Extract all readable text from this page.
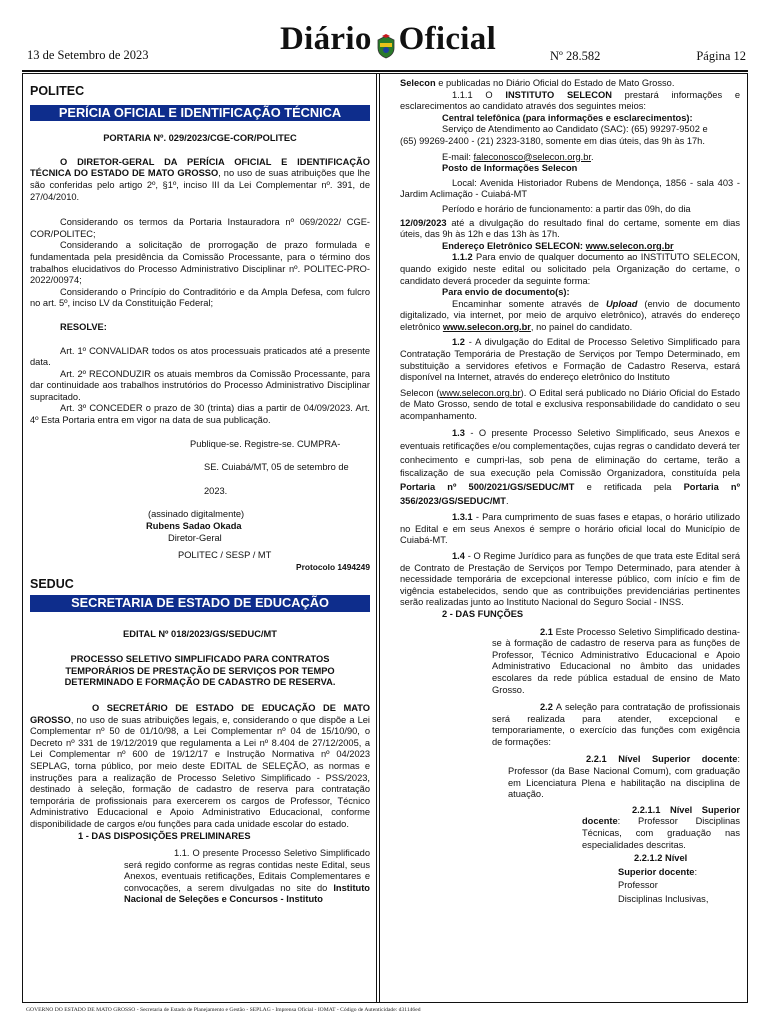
13 de Setembro de 2023	Diário Oficial	Nº 28.582	Página 12
POLITEC
PERÍCIA OFICIAL E IDENTIFICAÇÃO TÉCNICA
PORTARIA Nº. 029/2023/CGE-COR/POLITEC
O DIRETOR-GERAL DA PERÍCIA OFICIAL E IDENTIFICAÇÃO TÉCNICA DO ESTADO DE MATO GROSSO, no uso de suas atribuições que lhe são conferidas pelo artigo 2º, §1º, inciso III da Lei Complementar nº. 391, de 27/04/2010.
Considerando os termos da Portaria Instauradora nº 069/2022/ CGE-COR/POLITEC;
Considerando a solicitação de prorrogação de prazo formulada e fundamentada pela presidência da Comissão Processante, para o término dos trabalhos elucidativos do Processo Administrativo Disciplinar nº. POLITEC-PRO-2022/00974;
Considerando o Princípio do Contraditório e da Ampla Defesa, com fulcro no art. 5º, inciso LV da Constituição Federal;
RESOLVE:
Art. 1º CONVALIDAR todos os atos processuais praticados até a presente data.
Art. 2º RECONDUZIR os atuais membros da Comissão Processante, para dar continuidade aos trabalhos instrutórios do Processo Administrativo Disciplinar supracitado.
Art. 3º CONCEDER o prazo de 30 (trinta) dias a partir de 04/09/2023. Art. 4º Esta Portaria entra em vigor na data de sua publicação.
Publique-se. Registre-se. CUMPRA-
SE. Cuiabá/MT, 05 de setembro de
2023.
(assinado digitalmente)
Rubens Sadao Okada
Diretor-Geral
POLITEC / SESP / MT
Protocolo 1494249
SEDUC
SECRETARIA DE ESTADO DE EDUCAÇÃO
EDITAL Nº 018/2023/GS/SEDUC/MT
PROCESSO SELETIVO SIMPLIFICADO PARA CONTRATOS TEMPORÁRIOS DE PRESTAÇÃO DE SERVIÇOS POR TEMPO DETERMINADO E FORMAÇÃO DE CADASTRO DE RESERVA.
O SECRETÁRIO DE ESTADO DE EDUCAÇÃO DE MATO GROSSO, no uso de suas atribuições legais, e, considerando o que dispõe a Lei Complementar nº 50 de 01/10/98, a Lei Complementar nº 04 de 15/10/90, o Decreto nº 331 de 19/12/2019 que regulamenta a Lei nº 8.404 de 27/12/2005, a Lei Complementar nº 600 de 19/12/17 e Instrução Normativa nº 04/2023 SEPLAG, torna público, por meio deste EDITAL de SELEÇÃO, as normas e instruções para a realização de Processo Seletivo Simplificado - PSS/2023, destinado à seleção, formação de cadastro de reserva para contratação temporária de profissionais para exercerem os cargos de Professor, Técnico Administrativo Educacional e Apoio Administrativo Educacional, conforme disponibilidade de cargos e/ou funções para cada unidade escolar do estado.
1 - DAS DISPOSIÇÕES PRELIMINARES
1.1. O presente Processo Seletivo Simplificado será regido conforme as regras contidas neste Edital, seus Anexos, eventuais retificações, Editais Complementares e convocações, a serem divulgadas no site do Instituto Nacional de Seleções e Concursos - Instituto
Selecon e publicadas no Diário Oficial do Estado de Mato Grosso.
1.1.1 O INSTITUTO SELECON prestará informações e esclarecimentos ao candidato através dos seguintes meios:
Central telefônica (para informações e esclarecimentos):
Serviço de Atendimento ao Candidato (SAC): (65) 99297-9502 e
(65) 99269-2400 - (21) 2323-3180, somente em dias úteis, das 9h às 17h.
E-mail: faleconosco@selecon.org.br.
Posto de Informações Selecon
Local: Avenida Historiador Rubens de Mendonça, 1856 - sala 403 - Jardim Aclimação - Cuiabá-MT
Período e horário de funcionamento: a partir das 09h, do dia
12/09/2023 até a divulgação do resultado final do certame, somente em dias úteis, das 9h às 12h e das 13h às 17h.
Endereço Eletrônico SELECON: www.selecon.org.br
1.1.2 Para envio de qualquer documento ao INSTITUTO SELECON, quando exigido neste edital ou solicitado pela Organização do certame, o candidato deverá proceder da seguinte forma:
Para envio de documento(s):
Encaminhar somente através de Upload (envio de documento digitalizado, via internet, por meio de arquivo eletrônico), através do endereço eletrônico www.selecon.org.br, no painel do candidato.
1.2 - A divulgação do Edital de Processo Seletivo Simplificado para Contratação Temporária de Prestação de Serviços por Tempo Determinado, em substituição a servidores efetivos e Formação de Cadastro Reserva, estará disponível na Internet, através do endereço eletrônico do Instituto
Selecon (www.selecon.org.br). O Edital será publicado no Diário Oficial do Estado de Mato Grosso, sendo de total e exclusiva responsabilidade do candidato o seu acompanhamento.
1.3 - O presente Processo Seletivo Simplificado, seus Anexos e eventuais retificações e/ou complementações, cujas regras o candidato deverá ter conhecimento e cumpri-las, sob pena de eliminação do certame, terão a fiscalização de sua execução pela Comissão Organizadora, constituída pela Portaria nº 500/2021/GS/SEDUC/MT e retificada pela Portaria nº 356/2023/GS/SEDUC/MT.
1.3.1 - Para cumprimento de suas fases e etapas, o horário utilizado no Edital e em seus Anexos é sempre o horário oficial local do Município de Cuiabá-MT.
1.4 - O Regime Jurídico para as funções de que trata este Edital será de Contrato de Prestação de Serviços por Tempo Determinado, para atender à necessidade temporária de excepcional interesse público, com início e fim de vigência estabelecidos, sendo que as contribuições previdenciárias pertinentes serão realizadas junto ao Instituto Nacional do Seguro Social - INSS.
2 - DAS FUNÇÕES
2.1 Este Processo Seletivo Simplificado destina-se à formação de cadastro de reserva para as funções de Professor, Técnico Administrativo Educacional e Apoio Administrativo Educacional no âmbito das unidades escolares da rede pública estadual de ensino de Mato Grosso.
2.2 A seleção para contratação de profissionais será realizada para atender, excepcional e temporariamente, o exercício das funções com exigência de formações:
2.2.1 Nível Superior docente: Professor (da Base Nacional Comum), com graduação em Licenciatura Plena e habilitação na disciplina de atuação.
2.2.1.1 Nível Superior docente: Professor Disciplinas Técnicas, com graduação nas especialidades descritas.
2.2.1.2 Nível
Superior docente:
Professor
Disciplinas Inclusivas,
GOVERNO DO ESTADO DE MATO GROSSO - Secretaria de Estado de Planejamento e Gestão - SEPLAG - Imprensa Oficial - IOMAT - Código de Autenticidade: d31146ed
